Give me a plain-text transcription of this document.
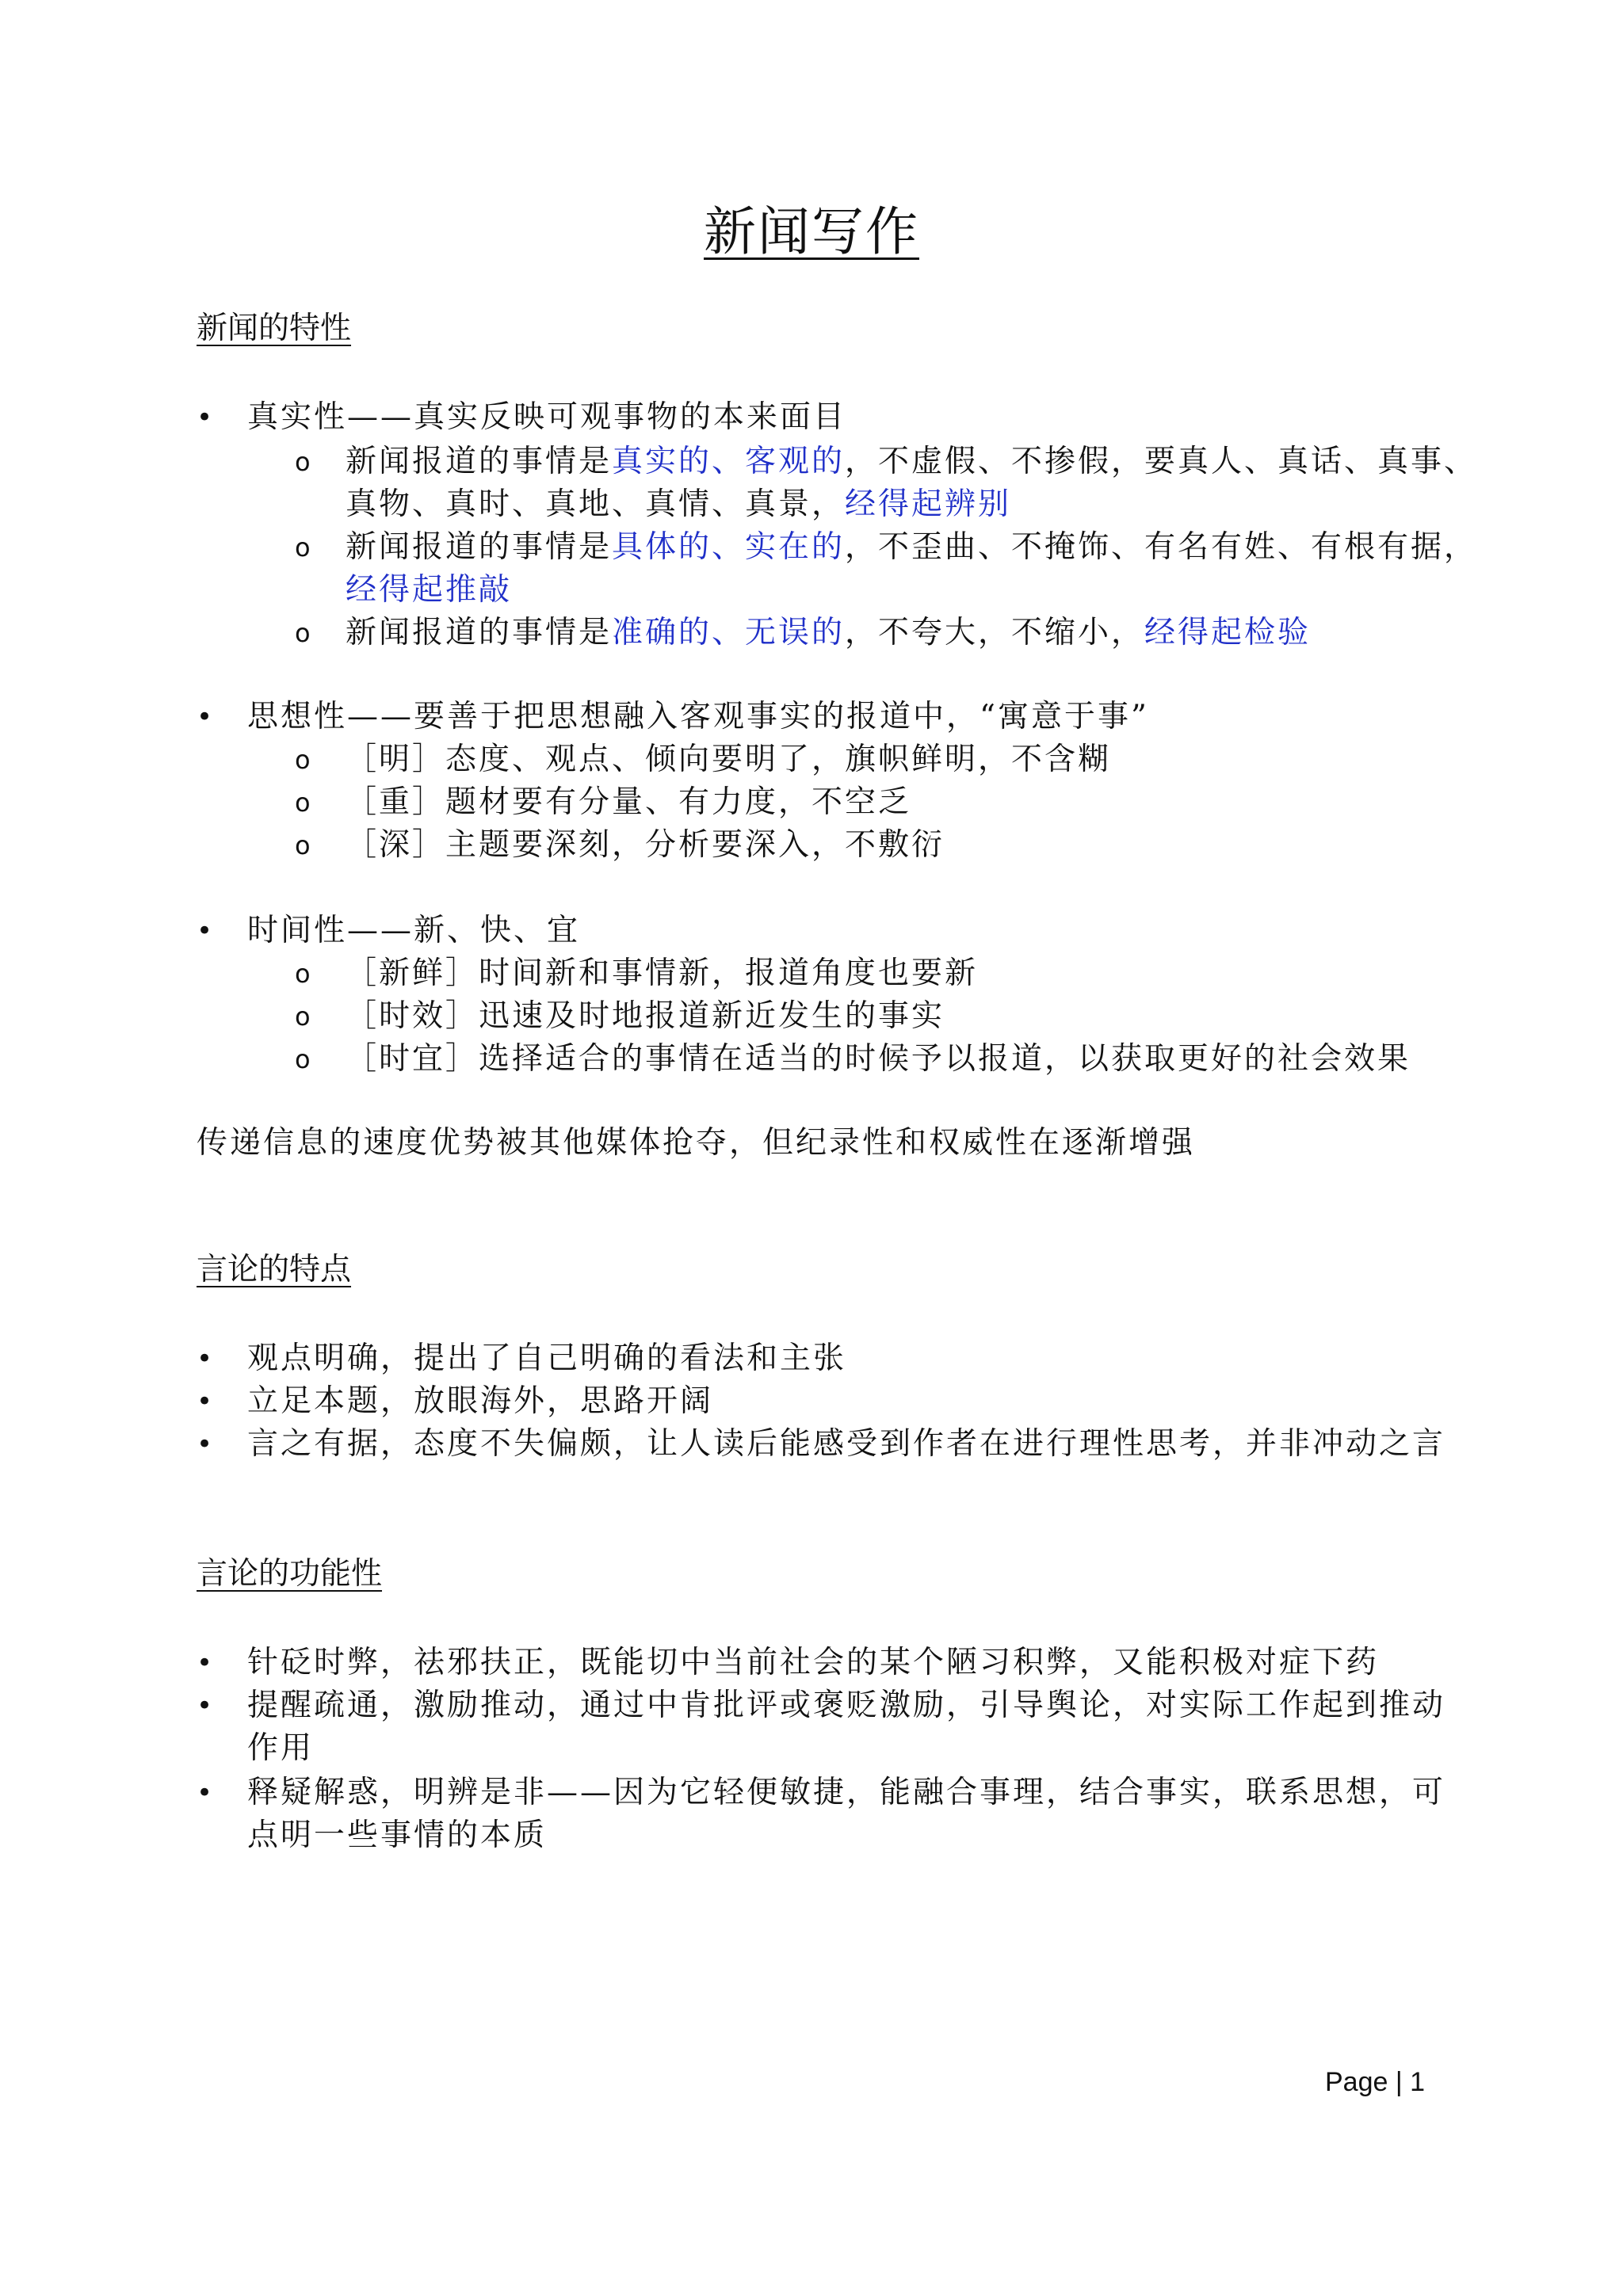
新闻写作
新闻的特性
• 真实性——真实反映可观事物的本来面目
o 新闻报道的事情是真实的、客观的，不虚假、不掺假，要真人、真话、真事、
真物、真时、真地、真情、真景，经得起辨别
o 新闻报道的事情是具体的、实在的，不歪曲、不掩饰、有名有姓、有根有据，
经得起推敲
o 新闻报道的事情是准确的、无误的，不夸大，不缩小，经得起检验
• 思想性——要善于把思想融入客观事实的报道中，“寓意于事”
o ［明］态度、观点、倾向要明了，旗帜鲜明，不含糊
o ［重］题材要有分量、有力度，不空乏
o ［深］主题要深刻，分析要深入，不敷衍
• 时间性——新、快、宜
o ［新鲜］时间新和事情新，报道角度也要新
o ［时效］迅速及时地报道新近发生的事实
o ［时宜］选择适合的事情在适当的时候予以报道，以获取更好的社会效果
传递信息的速度优势被其他媒体抢夺，但纪录性和权威性在逐渐增强
言论的特点
• 观点明确，提出了自己明确的看法和主张
• 立足本题，放眼海外，思路开阔
• 言之有据，态度不失偏颇，让人读后能感受到作者在进行理性思考，并非冲动之言
言论的功能性
• 针砭时弊，祛邪扶正，既能切中当前社会的某个陋习积弊，又能积极对症下药
• 提醒疏通，激励推动，通过中肯批评或褒贬激励，引导舆论，对实际工作起到推动
作用
• 释疑解惑，明辨是非——因为它轻便敏捷，能融合事理，结合事实，联系思想，可
点明一些事情的本质
Page | 1
